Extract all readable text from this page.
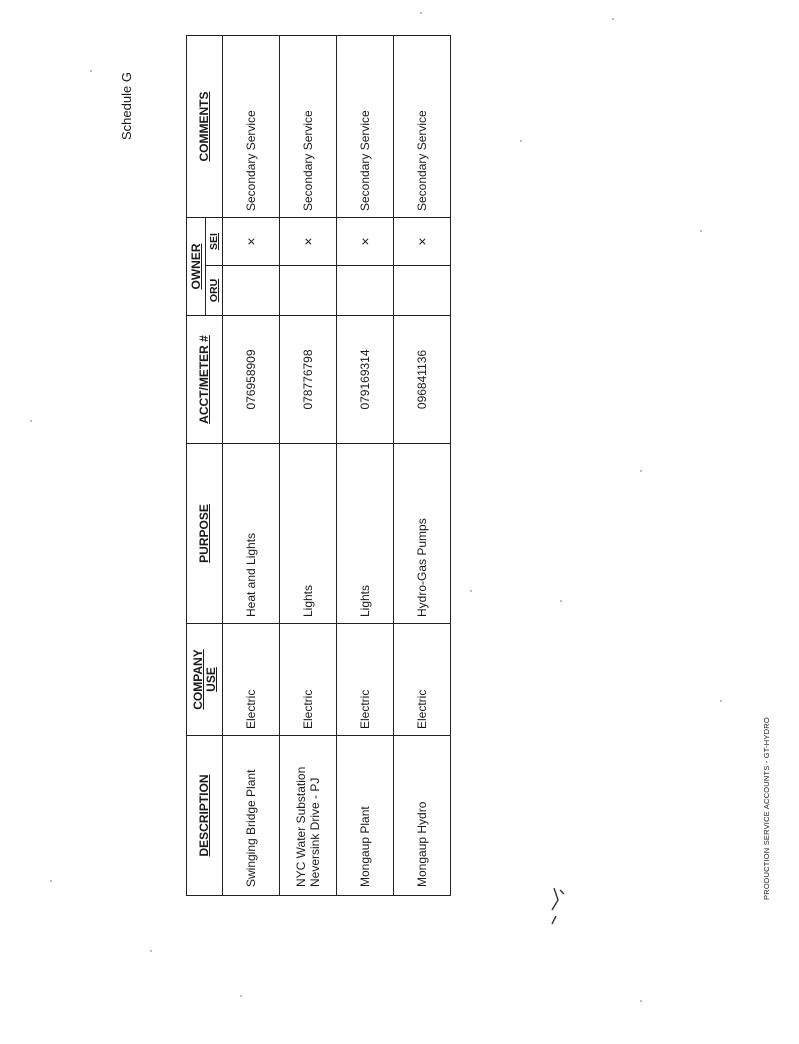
Schedule G
PRODUCTION SERVICE ACCOUNTS - GT-HYDRO
DESCRIPTION	COMPANY
USE	PURPOSE	ACCT/METER #	OWNER		COMMENTS
				ORU	SEI	
Swinging Bridge Plant	Electric	Heat and Lights	07695890​9		×	Secondary Service
NYC Water Substation
Neversink Drive - PJ	Electric	Lights	078776798		×	Secondary Service
Mongaup Plant	Electric	Lights	079169314		×	Secondary Service
Mongaup Hydro	Electric	Hydro-Gas Pumps	096841136		×	Secondary Service
